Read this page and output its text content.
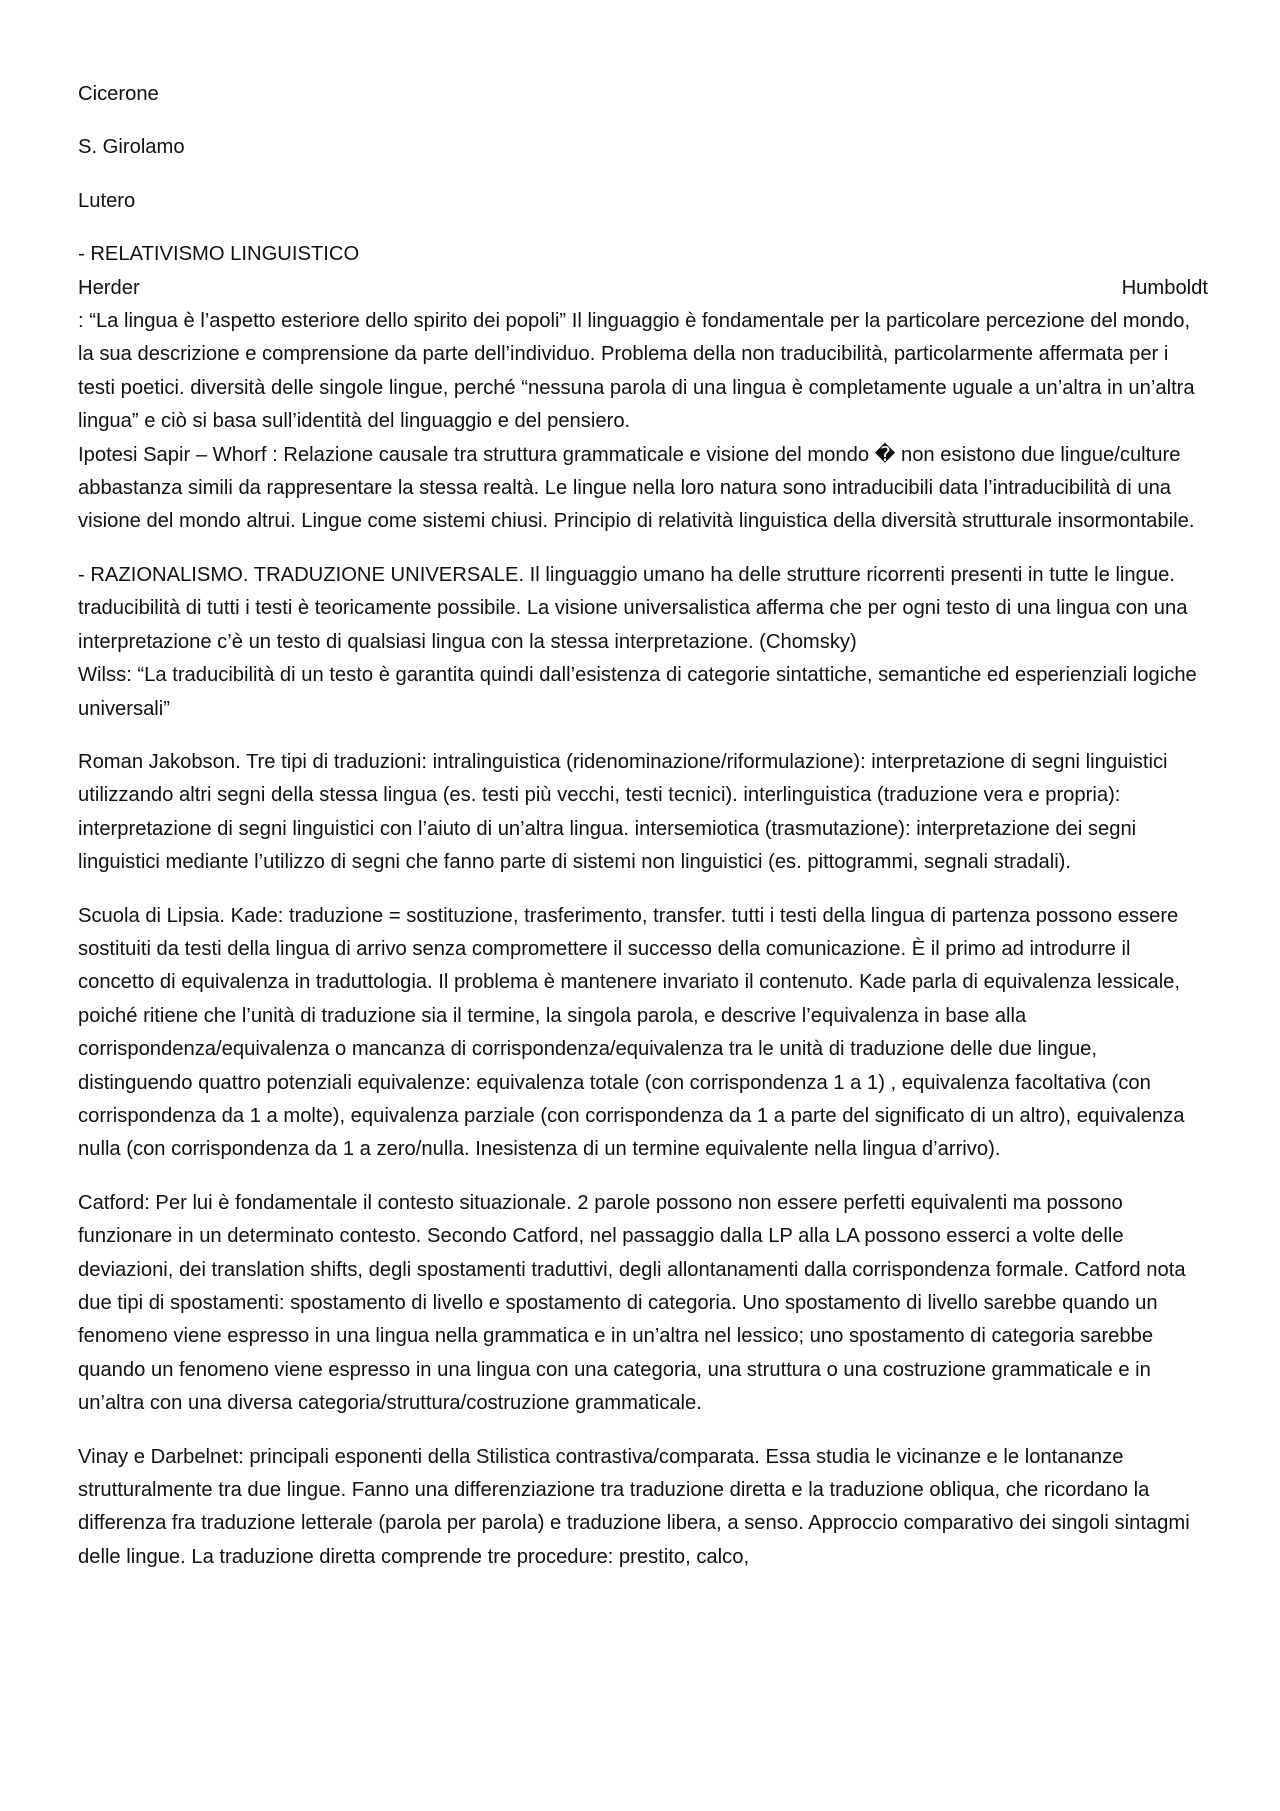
Cicerone

S. Girolamo

Lutero

- RELATIVISMO LINGUISTICO
Herder	Humboldt
: “La lingua è l’aspetto esteriore dello spirito dei popoli” Il linguaggio è fondamentale per la particolare percezione del mondo, la sua descrizione e comprensione da parte dell’individuo. Problema della non traducibilità, particolarmente affermata per i testi poetici. diversità delle singole lingue, perché “nessuna parola di una lingua è completamente uguale a un’altra in un’altra lingua” e ciò si basa sull’identità del linguaggio e del pensiero.
Ipotesi Sapir – Whorf : Relazione causale tra struttura grammaticale e visione del mondo � non esistono due lingue/culture abbastanza simili da rappresentare la stessa realtà. Le lingue nella loro natura sono intraducibili data l’intraducibilità di una visione del mondo altrui. Lingue come sistemi chiusi. Principio di relatività linguistica della diversità strutturale insormontabile.
- RAZIONALISMO. TRADUZIONE UNIVERSALE. Il linguaggio umano ha delle strutture ricorrenti presenti in tutte le lingue. traducibilità di tutti i testi è teoricamente possibile. La visione universalistica afferma che per ogni testo di una lingua con una interpretazione c’è un testo di qualsiasi lingua con la stessa interpretazione. (Chomsky)
Wilss: “La traducibilità di un testo è garantita quindi dall’esistenza di categorie sintattiche, semantiche ed esperienziali logiche universali”

Roman Jakobson. Tre tipi di traduzioni: intralinguistica (ridenominazione/riformulazione): interpretazione di segni linguistici utilizzando altri segni della stessa lingua (es. testi più vecchi, testi tecnici). interlinguistica (traduzione vera e propria): interpretazione di segni linguistici con l’aiuto di un’altra lingua. intersemiotica (trasmutazione): interpretazione dei segni linguistici mediante l’utilizzo di segni che fanno parte di sistemi non linguistici (es. pittogrammi, segnali stradali).

Scuola di Lipsia. Kade: traduzione = sostituzione, trasferimento, transfer. tutti i testi della lingua di partenza possono essere sostituiti da testi della lingua di arrivo senza compromettere il successo della comunicazione. È il primo ad introdurre il concetto di equivalenza in traduttologia. Il problema è mantenere invariato il contenuto. Kade parla di equivalenza lessicale, poiché ritiene che l’unità di traduzione sia il termine, la singola parola, e descrive l’equivalenza in base alla corrispondenza/equivalenza o mancanza di corrispondenza/equivalenza tra le unità di traduzione delle due lingue, distinguendo quattro potenziali equivalenze: equivalenza totale (con corrispondenza 1 a 1) , equivalenza facoltativa (con corrispondenza da 1 a molte), equivalenza parziale (con corrispondenza da 1 a parte del significato di un altro), equivalenza nulla (con corrispondenza da 1 a zero/nulla. Inesistenza di un termine equivalente nella lingua d’arrivo).

Catford: Per lui è fondamentale il contesto situazionale. 2 parole possono non essere perfetti equivalenti ma possono funzionare in un determinato contesto. Secondo Catford, nel passaggio dalla LP alla LA possono esserci a volte delle deviazioni, dei translation shifts, degli spostamenti traduttivi, degli allontanamenti dalla corrispondenza formale. Catford nota due tipi di spostamenti: spostamento di livello e spostamento di categoria. Uno spostamento di livello sarebbe quando un fenomeno viene espresso in una lingua nella grammatica e in un’altra nel lessico; uno spostamento di categoria sarebbe quando un fenomeno viene espresso in una lingua con una categoria, una struttura o una costruzione grammaticale e in un’altra con una diversa categoria/struttura/costruzione grammaticale.

Vinay e Darbelnet: principali esponenti della Stilistica contrastiva/comparata. Essa studia le vicinanze e le lontananze strutturalmente tra due lingue. Fanno una differenziazione tra traduzione diretta e la traduzione obliqua, che ricordano la differenza fra traduzione letterale (parola per parola) e traduzione libera, a senso. Approccio comparativo dei singoli sintagmi delle lingue. La traduzione diretta comprende tre procedure: prestito, calco,
